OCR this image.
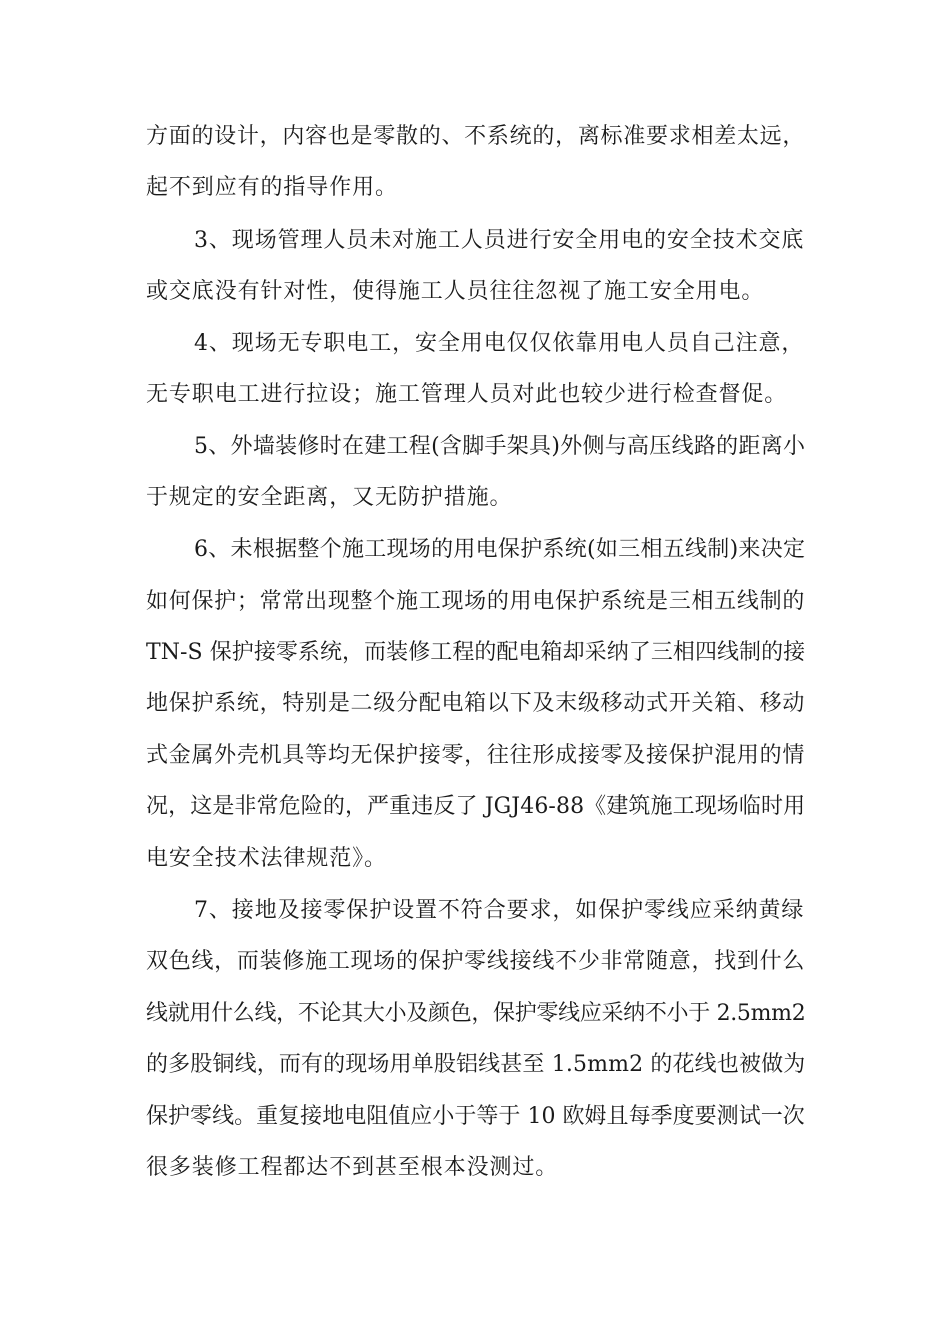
方面的设计，内容也是零散的、不系统的，离标准要求相差太远，
起不到应有的指导作用。
3、现场管理人员未对施工人员进行安全用电的安全技术交底
或交底没有针对性，使得施工人员往往忽视了施工安全用电。
4、现场无专职电工，安全用电仅仅依靠用电人员自己注意，
无专职电工进行拉设；施工管理人员对此也较少进行检查督促。
5、外墙装修时在建工程(含脚手架具)外侧与高压线路的距离小
于规定的安全距离，又无防护措施。
6、未根据整个施工现场的用电保护系统(如三相五线制)来决定
如何保护；常常出现整个施工现场的用电保护系统是三相五线制的
TN-S 保护接零系统，而装修工程的配电箱却采纳了三相四线制的接
地保护系统，特别是二级分配电箱以下及末级移动式开关箱、移动
式金属外壳机具等均无保护接零，往往形成接零及接保护混用的情
况，这是非常危险的，严重违反了 JGJ46-88《建筑施工现场临时用
电安全技术法律规范》。
7、接地及接零保护设置不符合要求，如保护零线应采纳黄绿
双色线，而装修施工现场的保护零线接线不少非常随意，找到什么
线就用什么线，不论其大小及颜色，保护零线应采纳不小于 2.5mm2
的多股铜线，而有的现场用单股铝线甚至 1.5mm2 的花线也被做为
保护零线。重复接地电阻值应小于等于 10 欧姆且每季度要测试一次
很多装修工程都达不到甚至根本没测过。
